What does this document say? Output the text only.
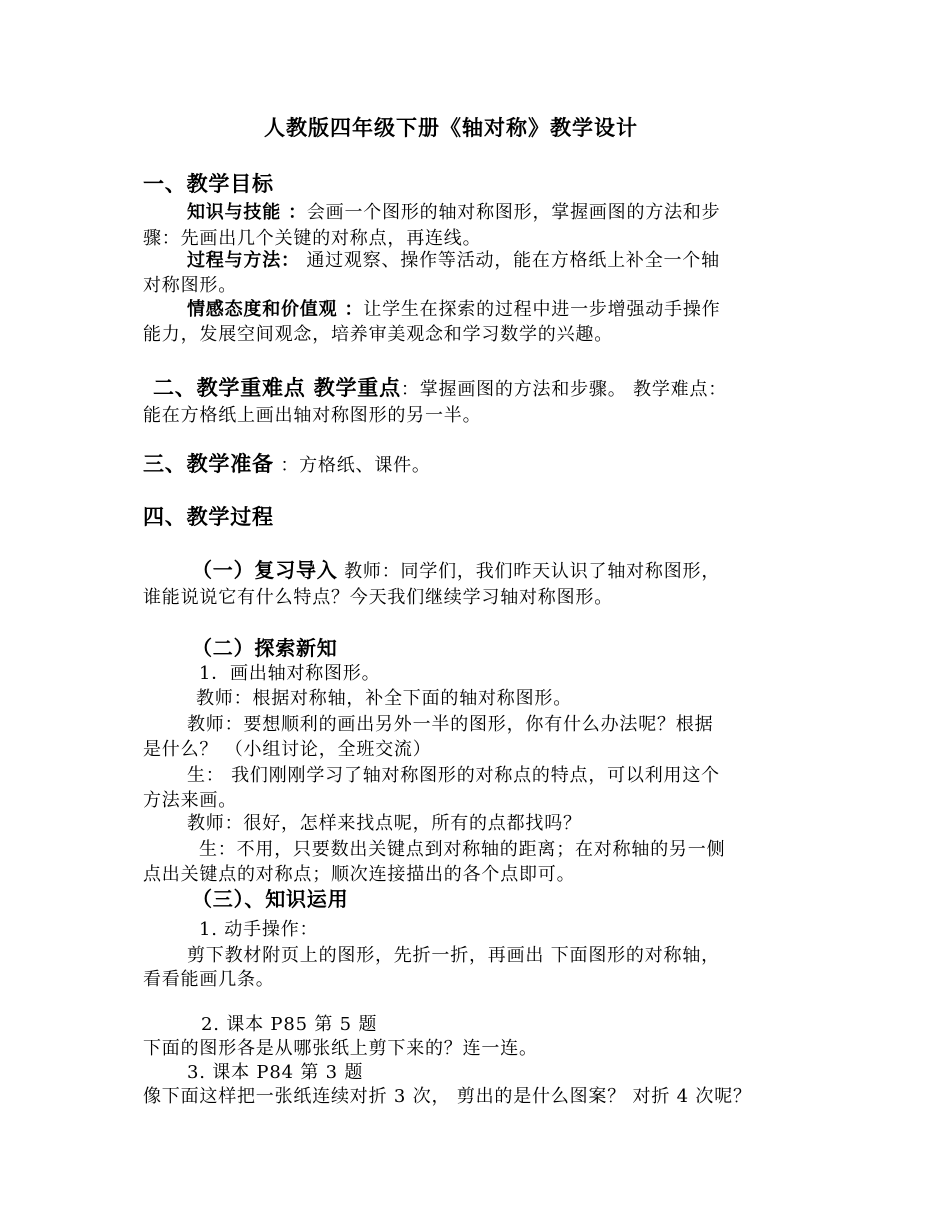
人教版四年级下册《轴对称》教学设计
一、教学目标
知识与技能 ：会画一个图形的轴对称图形，掌握画图的方法和步
骤：先画出几个关键的对称点，再连线。
过程与方法： 通过观察、操作等活动，能在方格纸上补全一个轴
对称图形。
情感态度和价值观 ：让学生在探索的过程中进一步增强动手操作
能力，发展空间观念，培养审美观念和学习数学的兴趣。
二、教学重难点 教学重点：掌握画图的方法和步骤。 教学难点：
能在方格纸上画出轴对称图形的另一半。
三、教学准备 ：方格纸、课件。
四、教学过程
（一）复习导入 教师：同学们，我们昨天认识了轴对称图形，
谁能说说它有什么特点？今天我们继续学习轴对称图形。
（二）探索新知
1．画出轴对称图形。
教师：根据对称轴，补全下面的轴对称图形。
教师：要想顺利的画出另外一半的图形，你有什么办法呢？根据
是什么？ （小组讨论，全班交流）
生： 我们刚刚学习了轴对称图形的对称点的特点，可以利用这个
方法来画。
教师：很好，怎样来找点呢，所有的点都找吗？
生：不用，只要数出关键点到对称轴的距离；在对称轴的另一侧
点出关键点的对称点；顺次连接描出的各个点即可。
（三）、知识运用
1. 动手操作：
剪下教材附页上的图形，先折一折，再画出 下面图形的对称轴，
看看能画几条。
2. 课本 P85 第 5 题
下面的图形各是从哪张纸上剪下来的？连一连。
3. 课本 P84 第 3 题
像下面这样把一张纸连续对折 3 次， 剪出的是什么图案？ 对折 4 次呢？
